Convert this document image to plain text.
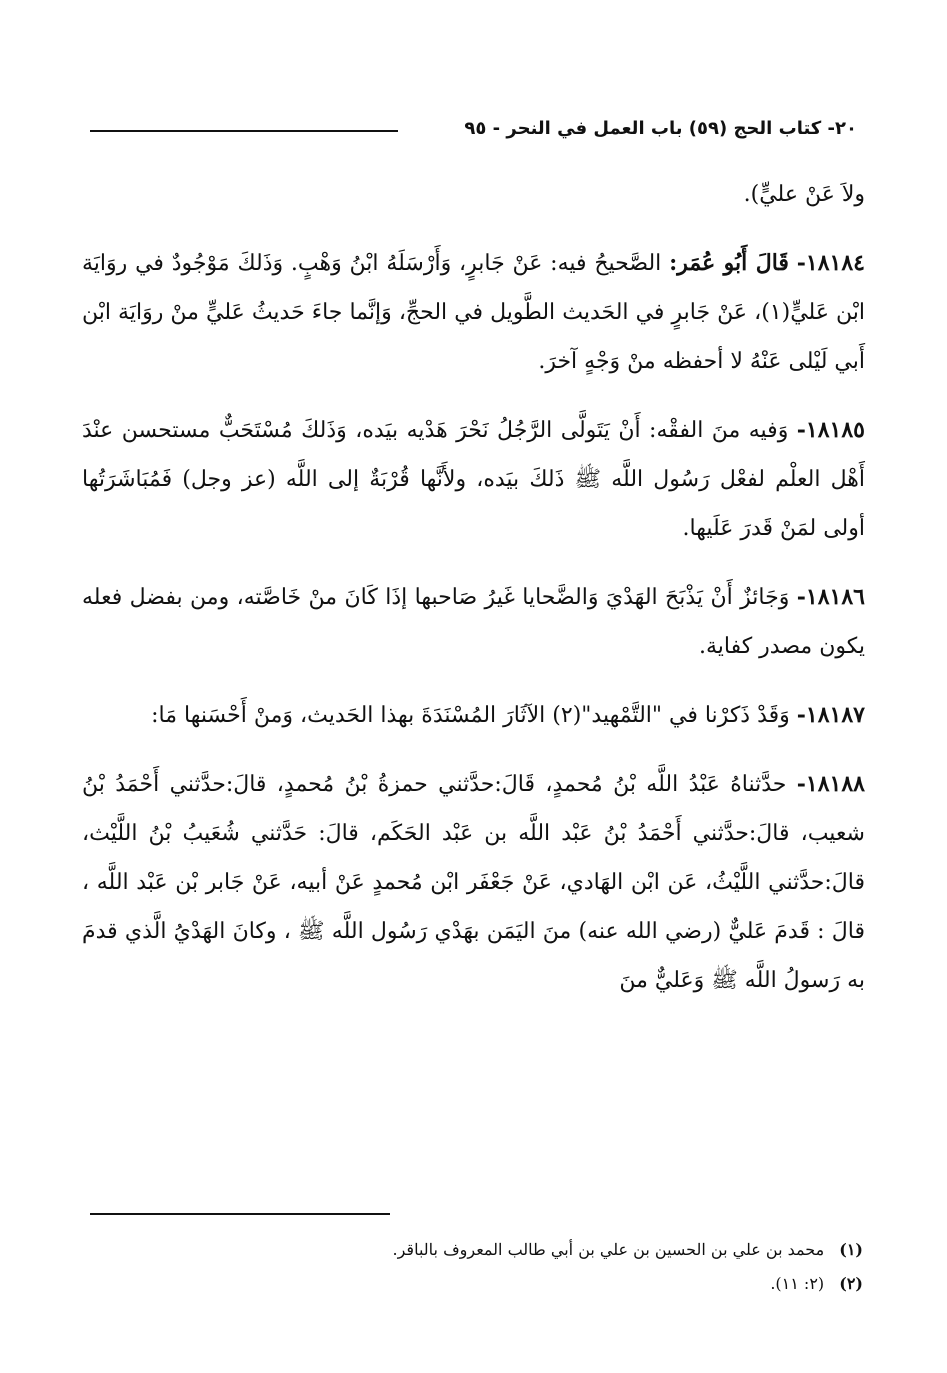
٢٠- كتاب الحج (٥٩) باب العمل في النحر - ٩٥

ولاَ عَنْ عليٍّ).

١٨١٨٤- قَالَ أَبُو عُمَر: الصَّحيحُ فيه: عَنْ جَابرٍ، وَأَرْسَلَهُ ابْنُ وَهْبٍ. وَذَلكَ مَوْجُودٌ في روَايَة ابْن عَليٍّ(١)، عَنْ جَابرٍ في الحَديث الطَّويل في الحجِّ، وَإنَّما جاءَ حَديثُ عَليٍّ منْ روَايَة ابْن أَبي لَيْلى عَنْهُ لا أحفظه منْ وَجْهٍ آخرَ.

١٨١٨٥- وَفيه منَ الفقْه: أَنْ يَتَولَّى الرَّجُلُ نَحْرَ هَدْيه بيَده، وَذَلكَ مُسْتَحَبٌّ مستحسن عنْدَ أَهْل العلْم لفعْل رَسُول اللَّه ﷺ ذَلكَ بيَده، ولأَنَّها قُرْبَةٌ إلى اللَّه (عز وجل) فَمُبَاشَرَتُها أولى لمَنْ قَدرَ عَلَيها.

١٨١٨٦- وَجَائزٌ أَنْ يَذْبَحَ الهَدْيَ وَالضَّحايا غَيرُ صَاحبها إذَا كَانَ منْ خَاصَّته، ومن بفضل فعله يكون مصدر كفاية.

١٨١٨٧- وَقَدْ ذَكرْنا في "التَّمْهيد"(٢) الآثَارَ المُسْنَدَةَ بهذا الحَديث، وَمنْ أَحْسَنها مَا:

١٨١٨٨- حدَّثناهُ عَبْدُ اللَّه بْنُ مُحمدٍ، قَالَ:حدَّثني حمزةُ بْنُ مُحمدٍ، قالَ:حدَّثني أَحْمَدُ بْنُ شعيب، قالَ:حدَّثني أَحْمَدُ بْنُ عَبْد اللَّه بن عَبْد الحَكَم، قالَ: حَدَّثني شُعَيبُ بْنُ اللَّيْث، قالَ:حدَّثني اللَّيْثُ، عَن ابْن الهَادي، عَنْ جَعْفَر ابْن مُحمدٍ عَنْ أبيه، عَنْ جَابر بْن عَبْد اللَّه ، قالَ : قَدمَ عَليٌّ (رضي الله عنه) منَ اليَمَن بهَدْي رَسُول اللَّه ﷺ ، وكانَ الهَدْيُ الَّذي قدمَ به رَسولُ اللَّه ﷺ وَعَليٌّ منَ

(١) محمد بن علي بن الحسين بن علي بن أبي طالب المعروف بالباقر.

(٢) (٢: ١١).
